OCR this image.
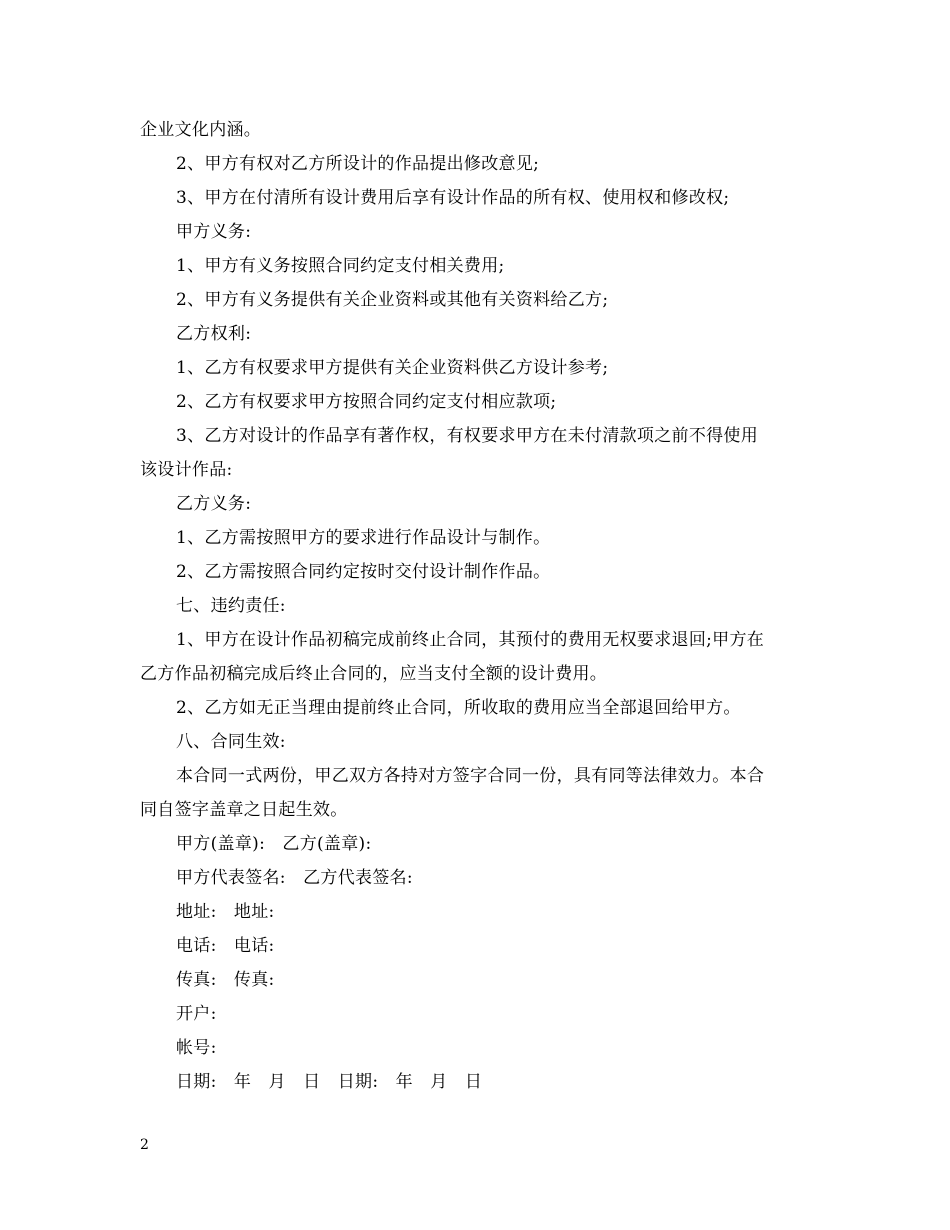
企业文化内涵。
2、甲方有权对乙方所设计的作品提出修改意见;
3、甲方在付清所有设计费用后享有设计作品的所有权、使用权和修改权;
甲方义务:
1、甲方有义务按照合同约定支付相关费用;
2、甲方有义务提供有关企业资料或其他有关资料给乙方;
乙方权利:
1、乙方有权要求甲方提供有关企业资料供乙方设计参考;
2、乙方有权要求甲方按照合同约定支付相应款项;
3、乙方对设计的作品享有著作权，有权要求甲方在未付清款项之前不得使用
该设计作品:
乙方义务:
1、乙方需按照甲方的要求进行作品设计与制作。
2、乙方需按照合同约定按时交付设计制作作品。
七、违约责任:
1、甲方在设计作品初稿完成前终止合同，其预付的费用无权要求退回;甲方在
乙方作品初稿完成后终止合同的，应当支付全额的设计费用。
2、乙方如无正当理由提前终止合同，所收取的费用应当全部退回给甲方。
八、合同生效:
本合同一式两份，甲乙双方各持对方签字合同一份，具有同等法律效力。本合
同自签字盖章之日起生效。
甲方(盖章):　乙方(盖章):
甲方代表签名:　乙方代表签名:
地址:　地址:
电话:　电话:
传真:　传真:
开户:
帐号:
日期:　年　月　日　日期:　年　月　日
2
